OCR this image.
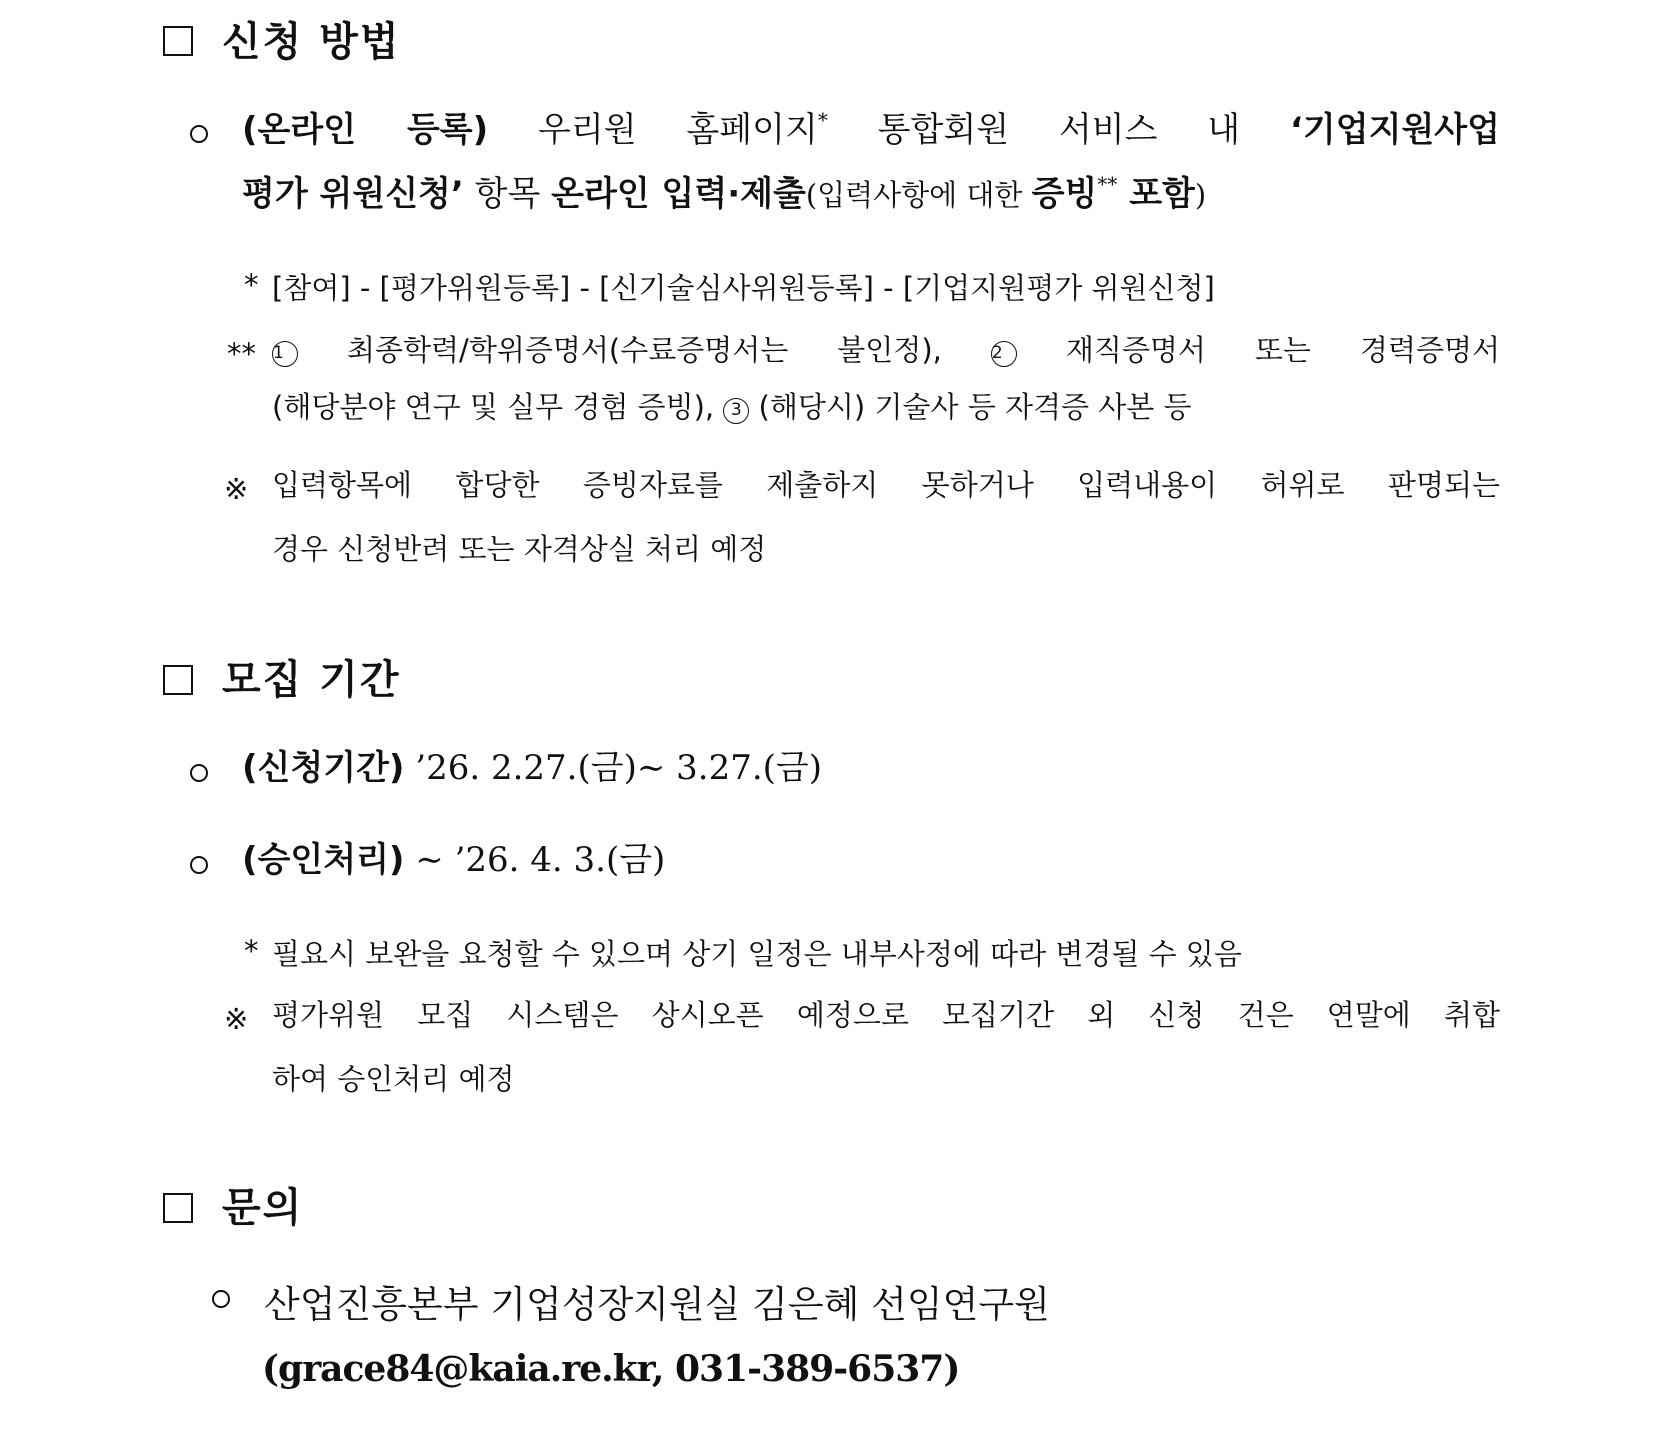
신청 방법
(온라인 등록) 우리원 홈페이지* 통합회원 서비스 내 ‘기업지원사업
평가 위원신청’ 항목 온라인 입력·제출(입력사항에 대한 증빙** 포함)
* [참여] - [평가위원등록] - [신기술심사위원등록] - [기업지원평가 위원신청]
** 1 최종학력/학위증명서(수료증명서는 불인정), 2 재직증명서 또는 경력증명서
(해당분야 연구 및 실무 경험 증빙), 3 (해당시) 기술사 등 자격증 사본 등
※ 입력항목에 합당한 증빙자료를 제출하지 못하거나 입력내용이 허위로 판명되는
경우 신청반려 또는 자격상실 처리 예정
모집 기간
(신청기간) ’26. 2.27.(금)∼ 3.27.(금)
(승인처리) ∼ ’26. 4. 3.(금)
* 필요시 보완을 요청할 수 있으며 상기 일정은 내부사정에 따라 변경될 수 있음
※ 평가위원 모집 시스템은 상시오픈 예정으로 모집기간 외 신청 건은 연말에 취합
하여 승인처리 예정
문의
산업진흥본부 기업성장지원실 김은혜 선임연구원
(grace84@kaia.re.kr, 031-389-6537)
